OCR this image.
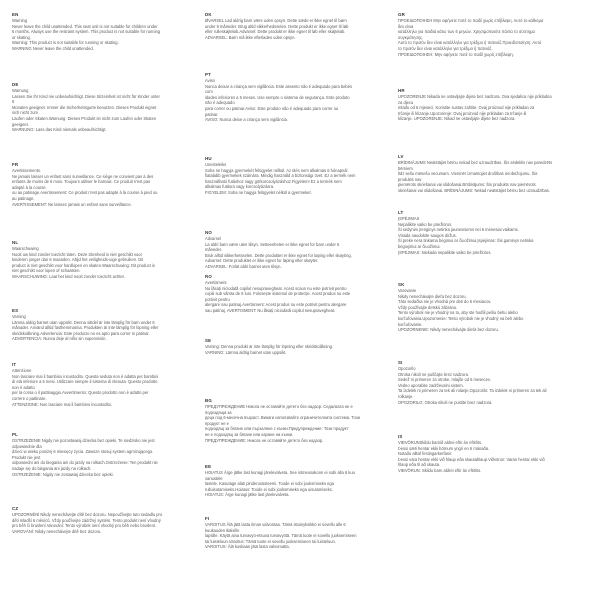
EN
Warning
Never leave the child unattended. This seat unit is not suitable for children under
6 months. Always use the restraint system. This product is not suitable for running
or skating.
Warning: This product is not suitable for running or skating.
WARNING Never leave the child unattended.
DE
Warnung
Lassen Sie Ihr Kind nie unbeaufsichtigt. Diese Sitzeinheit ist nicht für Kinder unter
6
Monaten geeignet. Immer die Sicherheitsgurte benutzen. Dieses Produkt eignet
sich nicht zum
Laufen oder Skaten.Warnung: Dieses Produkt ist nicht zum Laufen oder Skaten
geeignet.
WARNUNG: Lass das Kind niemals unbeaufsichtigt.
FR
Avertissements.
Ne jamais laisser un enfant sans surveillance. Ce siège ne convient pas à des
enfants de moins de 6 mois. Toujours utiliser le harnais. Ce produit n'est pas
adapté à la course
ou au patinage.Avertissement: Ce produit n'est pas adapté à la course à pied ou
au patinage.
AVERTISSEMENT: Ne laissez jamais un enfant sans surveillance.
NL
Waarschuwing
Nooit uw kind zonder toezicht laten. Deze zitenheid is niet geschikt voor
kinderen jonger dan 6 maanden. Altijd het veiligheids-uige gebruiken. Dit
product is niet geschikt voor hardlopen en skaten.Waarschuwing: Dit product is
niet geschikt voor lopen of schaatsen.
WAARSCHUWING: Laat het kind nooit zonder toezicht achter.
ES
Varning
Lämna aldrig barnet utan uppsikt. Denna sittdel är inte lämplig för barn under 6
månader. Använd alltid fasthemmanna. Produkten är inte lämplig för löpning eller
skridskoåkning.Advertencia: Este producto no es apto para correr ni patinar.
ADVERTENCIA: Nunca deje al niño sin supervisión.
IT
Attenzione
Non lasciare mai il bambino incustodito. Questa seduta non è adatta per bambini
di età inferiore a 6 mesi. Utilizzare sempre il sistema di ritenuta. Questo prodotto
non è adatto
per la corsa o il pattinaggio.Avvertimento: Questo prodotto non è adatto per
correre o pattinare.
ATTENZIONE: Non lasciare mai il bambino incustodito.
PL
OSTRZEŻENIE Nigdy nie pozostawiaj dziecka bez opieki. Te siedzisko nie jest
odpowiednie dla
dzieci w wieku poniżej 6 miesięcy życia. Zawsze stosuj system agrnizującego.
Produkt nie jest
odpowiedni ani do biegania ani do jazdy na rolkach.Ostrzeżenie: Ten produkt nie
nadaje się do biegania ani jazdy na rolkach.
OSTRZEŻENIE: Nigdy nie zostawiaj dziecka bez opieki.
CZ
UPOZORNĚNÍ Nikdy nenechávejte dítě bez dozoru. Nepoužívejte tuto sedadlu pro
děti mladší 6 měsíců. Vždy používejte zádržný systém. Tento produkt není vhodný
pro běh či bruslení.Varování: Tento výrobek není vhodný pro běh nebo bruslení.
VAROVÁNÍ: Nikdy nenechávejte dítě bez dozoru.
DK
ØVARSEL Lad aldrig barn være uden opsyn. Dette sæde er ikke egnet til børn
under 6 måneder. Brug altid sikkerhedsselen. Dette produkt er ikke egnet til løb
eller rulleskøjteløb.Advarsel: Dette produkt er ikke egnet til løb eller skøjteløb.
ADVARSEL: Børn må ikke efterlades uden opsyn.
PT
Aviso
Nunca deixar a criança sem vigilância. Este assento não é adequado para bebés
com
idades inferiores a 6 meses. Use sempre o sistema de segurança. Este produto
não é adequado
para correr ou patinar.Aviso: Este produto não é adequado para correr ou
patinar.
AVISO: Nunca deixe a criança sem vigilância.
HU
Unesteleiks
Soha ne hagyja gyermekét felügyelet nélkül. Az ülés nem alkalmas 6 hónapnál
fiatalabb gyermekek számára. Mindig használd a biztonsági övet. Ez a termék nem
használható futáshoz vagy görkorcsolyázáshoz.Figyelem! Ez a termék nem
alkalmas futásra vagy korcsolyázásra.
FIGYELEM: Soha ne hagyja felügyelet nélkül a gyermeket.
NO
Advarsel
La aldri barn være uten tilsyn. Setteenheten er ikke egnet for barn under 6
måneder.
Bruk alltid sikkerhetsselen. Dette produktet er ikke egnet for løping eller skøyting.
Advarsel: Dette produktet er ikke egnet for løping eller skøyter.
ADVARSEL: Forlat aldri barnet uten tilsyn.
RO
Avertisment
Nu lăsați niciodată copilul nesupravegheat. Acest scaun nu este potrivit pentru
copiii sub vârsta de 6 luni. Folosește sistemul de protecție. Acest produs nu este
potrivit pentru
alergare sau patinaj.Avertisment: Acest produs nu este potrivit pentru alergare
sau patinaj. AVERTISMENT: Nu lăsați niciodată copilul nesupravegheat.
SE
Varning: Denna produkt är inte lämplig för löpning eller skridskoåkning.
VARNING: Lämna aldrig barnet utan uppsikt.
BG
ПРЕДУПРЕЖДЕНИЕ Никога не оставяйте детето без надзор. Седалката не е
подходяща за
деца под 6-месечна възраст. Винаги използвайте ограничителната система. Този
продукт не е
подходящ за бягане или пързаляне с кънки.Предупреждение: Този продукт
не е подходящ за бягане или каране на кънки.
ПРЕДУПРЕЖДЕНИЕ: Никога не оставяйте детето без надзор.
EE
HOIATUS Ärge jätke last kunagi järelevalveta. See istmeosakonn ei sobi alla 6 kuu
vanustele
lastele. Kasutage alati pinderusüsteemi. Toode ei sobi jooksmiseks ega
rulluisutamiseks.Hoiatus: Toode ei sobi jooksmiseks ega uisutamiseks.
HOIATUS: Ärge kunagi jätke last järelevalveta.
FI
VAROITUS Älä jätä lasta ilman valvontaa. Tämä istuinyksikkö ei sovellu alle 6
kuukauden ikäisille
lapsille. Käytä aina turvavyö-etsuva turvavyötä. Tämä tuote ei sovellu juoksemiseen
tai luisteluun.Varoitus: Tämä tuote ei sovellu juoksemiseen tai luisteluun.
VAROITUS: Älä koskaan jätä lasta valvomatta.
GR
ΠΡΟΕΙΔΟΠΟΙΗΣΗ Μην αφήνετε ποτέ το παιδί χωρίς επίβλεψη. Αυτό το κάθισμα
δεν είναι
κατάλληλο για παιδιά κάτω των 6 μηνών. Χρησιμοποιείτε πάντα το σύστημα
συγκράτησης.
Αυτό το προϊόν δεν είναι κατάλληλο για τρέξιμο ή πατινάζ.Προειδοποίηση: Αυτό
το προϊόν δεν είναι κατάλληλο για τρέξιμο ή πατινάζ.
ΠΡΟΕΙΔΟΠΟΙΗΣΗ: Μην αφήνετε ποτέ το παιδί χωρίς επίβλεψη.
HR
UPOZORENJE Nikada ne ostavljajte dijete bez nadzora. Ova sjedalica nije prikladna
za djecu
mlađu od 6 mjeseci. Koristite sustav zaštite. Ovaj proizvod nije prikladan za
trčanje ili klizanje.Upozorenje: Ovaj proizvod nije prikladan za trčanje ili
klizanje. UPOZORENJE: Nikad ne ostavljajte dijete bez nadzora.
LV
BRĪDINĀJUMS Neatstājiet bērnu nekad bez uzraudzības. Šis sēdeklis nav paredzēts
bērniem
līdz sešu mēnešu vecumam. Vienmēr izmantojiet drošības ierobežojumu. Šis
produkts nav
piemērots skriešanai vai slidošanai.Brīdinājums: Šis produkts nav piemērots
skriešanai vai slidošanai. BRĪDINĀJUMS: Nekad neatstājiet bērnu bez uzraudzības.
LT
ĮSPĖJIMAS
Nepalikite vaiko be priežiūros.
Ši sėdynės įrenginys netinka jaunesniems nei 6 mėnesiai vaikams.
Visada naudokite saugos diržus.
Ši prekė nėra tinkama bėgimui ar čiuožimui.Įspėjimas: Šis gaminys netinka
bėgiojimui ar čiuožimui.
ĮSPĖJIMAS: Niekada nepalikite vaiko be priežiūros.
SK
Varovanie
Nikdy nenechávajte dieťa bez dozoru.
Táto sedačka nie je vhodná pre deti do 6 mesiacov.
Vždy používajte detskú zábranu.
Tento výrobok nie je vhodný na to, aby ste hoďili pešiu behu alebo
korčuľovania.Upozornenie: Tento výrobok nie je vhodný na beh alebo
korčuľovanie.
UPOZORNENIE: Nikdy nenechávajte dieťa bez dozoru.
SI
Opozorilo
Otroka nikoli ne puščajte brez nadzora.
Sedež ni primeren za otroke, mlajše od 6 mesecev.
Vedno uporabite zadrževalni sistem.
Ta izdelek ni primeren za tek ali rolanje.Opozorilo: Ta izdelek ni primeren za tek ali
rolkanje.
OPOZORILO: Otroka nikoli ne pustite brez nadzora.
IS
VIÐVÖRUNSkildu barnið aldrei eftir án eftirlits.
Þessi sæti hentar ekki börnum yngri en 6 mánaða.
Notaðu alltaf festingarkerfanir.
Þessi vara hentar ekki við hlaup eða skautahlaup.Viðvörun: Varan hentar ekki við
hlaup eða til að skauta.
VIÐVÖRUN: Skildu barn aldrei eftir án eftirlits.
